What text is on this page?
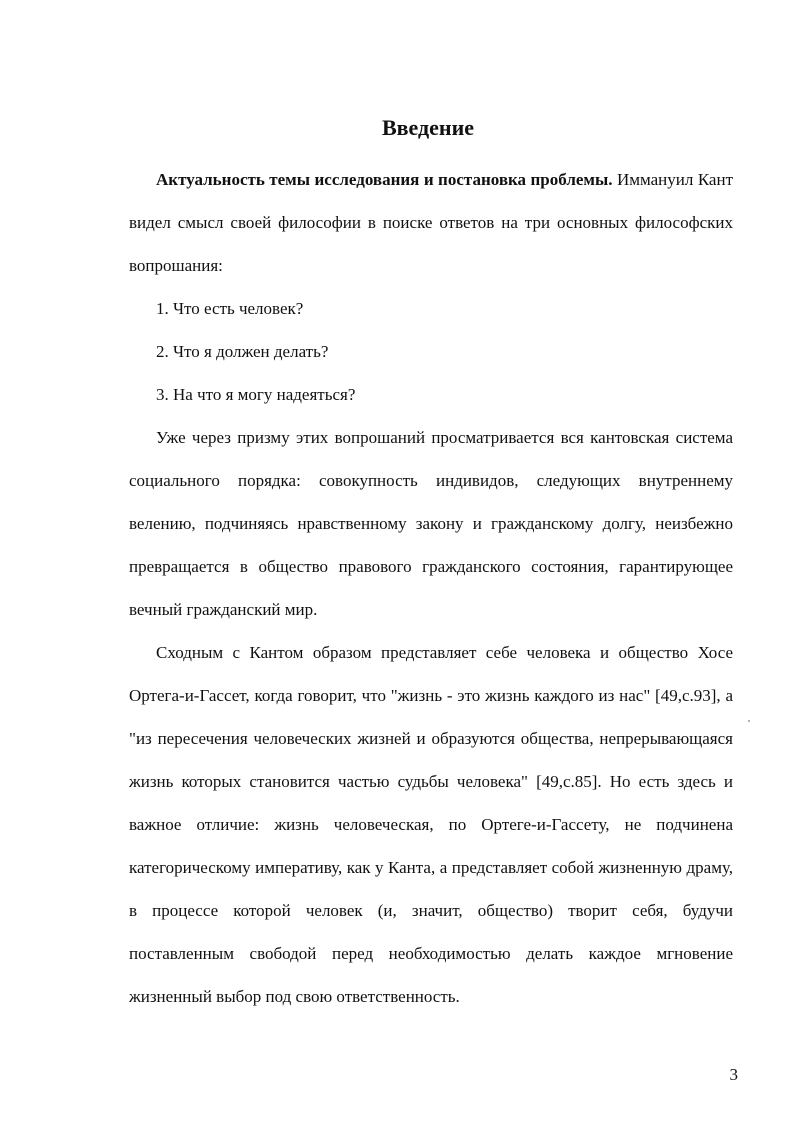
Введение

Актуальность темы исследования и постановка проблемы. Иммануил Кант видел смысл своей философии в поиске ответов на три основных философских вопрошания:

1. Что есть человек?
2. Что я должен делать?
3. На что я могу надеяться?

Уже через призму этих вопрошаний просматривается вся кантовская система социального порядка: совокупность индивидов, следующих внутреннему велению, подчиняясь нравственному закону и гражданскому долгу, неизбежно превращается в общество правового гражданского состояния, гарантирующее вечный гражданский мир.

Сходным с Кантом образом представляет себе человека и общество Хосе Ортега-и-Гассет, когда говорит, что "жизнь - это жизнь каждого из нас" [49,с.93], а "из пересечения человеческих жизней и образуются общества, непрерывающаяся жизнь которых становится частью судьбы человека" [49,с.85]. Но есть здесь и важное отличие: жизнь человеческая, по Ортеге-и-Гассету, не подчинена категорическому императиву, как у Канта, а представляет собой жизненную драму, в процессе которой человек (и, значит, общество) творит себя, будучи поставленным свободой перед необходимостью делать каждое мгновение жизненный выбор под свою ответственность.

3
